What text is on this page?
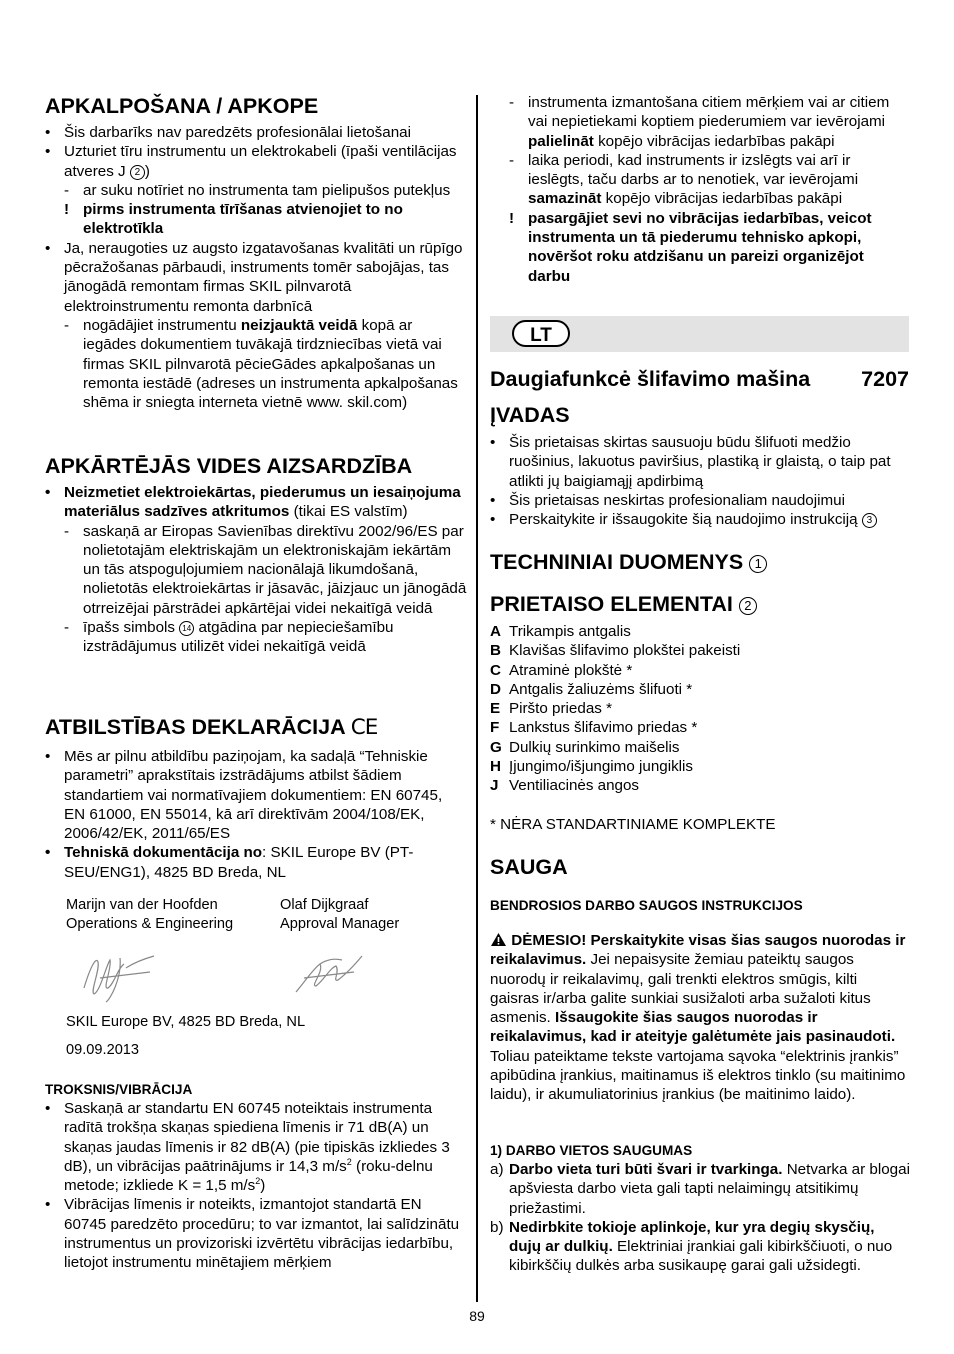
APKALPOŠANA / APKOPE
• Šis darbarīks nav paredzēts profesionālai lietošanai
• Uzturiet tīru instrumentu un elektrokabeli (īpaši ventilācijas atveres J 2 )
- ar suku notīriet no instrumenta tam pielipušos putekļus
! pirms instrumenta tīrīšanas atvienojiet to no elektrotīkla
• Ja, neraugoties uz augsto izgatavošanas kvalitāti un rūpīgo pēcražošanas pārbaudi, instruments tomēr sabojājas, tas jānogādā remontam firmas SKIL pilnvarotā elektroinstrumentu remonta darbnīcā
- nogādājiet instrumentu neizjauktā veidā kopā ar iegādes dokumentiem tuvākajā tirdzniecības vietā vai firmas SKIL pilnvarotā pēcieGādes apkalpošanas un remonta iestādē (adreses un instrumenta apkalpošanas shēma ir sniegta interneta vietnē www. skil.com)
APKĀRTĒJĀS VIDES AIZSARDZĪBA
• Neizmetiet elektroiekārtas, piederumus un iesaiņojuma materiālus sadzīves atkritumos (tikai ES valstīm)
- saskaņā ar Eiropas Savienības direktīvu 2002/96/ES par nolietotajām elektriskajām un elektroniskajām iekārtām un tās atspoguļojumiem nacionālajā likumdošanā, nolietotās elektroiekārtas ir jāsavāc, jāizjauc un jānogādā otrreizējai pārstrādei apkārtējai videi nekaitīgā veidā
- īpašs simbols 14 atgādina par nepieciešamību izstrādājumus utilizēt videi nekaitīgā veidā
ATBILSTĪBAS DEKLARĀCIJA CE
• Mēs ar pilnu atbildību paziņojam, ka sadaļā “Tehniskie parametri” aprakstītais izstrādājums atbilst šādiem standartiem vai normatīvajiem dokumentiem: EN 60745, EN 61000, EN 55014, kā arī direktīvām 2004/108/EK, 2006/42/EK, 2011/65/ES
• Tehniskā dokumentācija no: SKIL Europe BV (PT-SEU/ENG1), 4825 BD Breda, NL
Marijn van der Hoofden
Operations & Engineering
Olaf Dijkgraaf
Approval Manager
SKIL Europe BV, 4825 BD Breda, NL
09.09.2013
TROKSNIS/VIBRĀCIJA
• Saskaņā ar standartu EN 60745 noteiktais instrumenta radītā trokšņa skaņas spiediena līmenis ir 71 dB(A) un skaņas jaudas līmenis ir 82 dB(A) (pie tipiskās izkliedes 3 dB), un vibrācijas paātrinājums ir 14,3 $m/s^2$ (roku-delnu metode; izkliede K = 1,5 $m/s^2$)
• Vibrācijas līmenis ir noteikts, izmantojot standartā EN 60745 paredzēto procedūru; to var izmantot, lai salīdzinātu instrumentus un provizoriski izvērtētu vibrācijas iedarbību, lietojot instrumentu minētajiem mērķiem
- instrumenta izmantošana citiem mērķiem vai ar citiem vai nepietiekami koptiem piederumiem var ievērojami palielināt kopējo vibrācijas iedarbības pakāpi
- laika periodi, kad instruments ir izslēgts vai arī ir ieslēgts, taču darbs ar to nenotiek, var ievērojami samazināt kopējo vibrācijas iedarbības pakāpi
! pasargājiet sevi no vibrācijas iedarbības, veicot instrumenta un tā piederumu tehnisko apkopi, novēršot roku atdzišanu un pareizi organizējot darbu
LT
Daugiafunkcė šlifavimo mašina 7207
ĮVADAS
• Šis prietaisas skirtas sausuoju būdu šlifuoti medžio ruošinius, lakuotus paviršius, plastiką ir glaistą, o taip pat atlikti jų baigiamąjį apdirbimą
• Šis prietaisas neskirtas profesionaliam naudojimui
• Perskaitykite ir išsaugokite šią naudojimo instrukciją 3
TECHNINIAI DUOMENYS 1
PRIETAISO ELEMENTAI 2
A Trikampis antgalis
B Klavišas šlifavimo plokštei pakeisti
C Atraminė plokštė *
D Antgalis žaliuzėms šlifuoti *
E Piršto priedas *
F Lankstus šlifavimo priedas *
G Dulkių surinkimo maišelis
H Įjungimo/išjungimo jungiklis
J Ventiliacinės angos
* NĖRA STANDARTINIAME KOMPLEKTE
SAUGA
BENDROSIOS DARBO SAUGOS INSTRUKCIJOS
DĖMESIO! Perskaitykite visas šias saugos nuorodas ir reikalavimus. Jei nepaisysite žemiau pateiktų saugos nuorodų ir reikalavimų, gali trenkti elektros smūgis, kilti gaisras ir/arba galite sunkiai susižaloti arba sužaloti kitus asmenis. Išsaugokite šias saugos nuorodas ir reikalavimus, kad ir ateityje galėtumėte jais pasinaudoti. Toliau pateiktame tekste vartojama sąvoka “elektrinis įrankis” apibūdina įrankius, maitinamus iš elektros tinklo (su maitinimo laidu), ir akumuliatorinius įrankius (be maitinimo laido).
1) DARBO VIETOS SAUGUMAS
a) Darbo vieta turi būti švari ir tvarkinga. Netvarka ar blogai apšviesta darbo vieta gali tapti nelaimingų atsitikimų priežastimi.
b) Nedirbkite tokioje aplinkoje, kur yra degių skysčių, dujų ar dulkių. Elektriniai įrankiai gali kibirkščiuoti, o nuo kibirkščių dulkės arba susikaupę garai gali užsidegti.
89
